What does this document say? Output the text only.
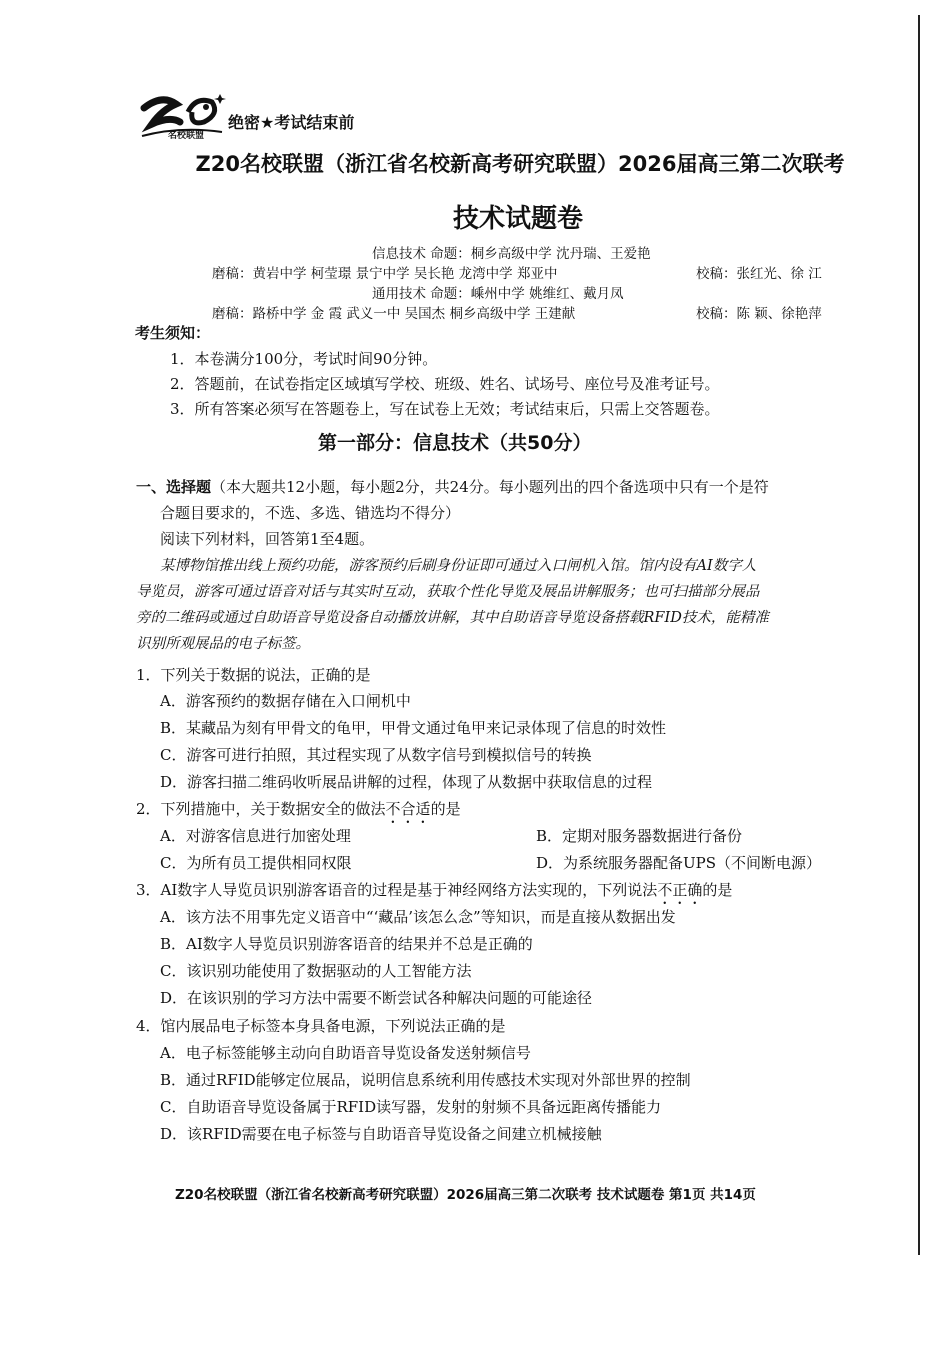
名校联盟
绝密★考试结束前
Z20名校联盟（浙江省名校新高考研究联盟）2026届高三第二次联考
技术试题卷
信息技术 命题：桐乡高级中学 沈丹瑞、王爱艳
磨稿：黄岩中学 柯莹璟 景宁中学 吴长艳 龙湾中学 郑亚中	校稿：张红光、徐 江
通用技术 命题：嵊州中学 姚维红、戴月凤
磨稿：路桥中学 金 霞 武义一中 吴国杰 桐乡高级中学 王建献	校稿：陈 颖、徐艳萍
考生须知：
1．本卷满分100分，考试时间90分钟。
2．答题前，在试卷指定区域填写学校、班级、姓名、试场号、座位号及准考证号。
3．所有答案必须写在答题卷上，写在试卷上无效；考试结束后，只需上交答题卷。
第一部分：信息技术（共50分）
一、选择题（本大题共12小题，每小题2分，共24分。每小题列出的四个备选项中只有一个是符
合题目要求的，不选、多选、错选均不得分）
阅读下列材料，回答第1至4题。
某博物馆推出线上预约功能，游客预约后刷身份证即可通过入口闸机入馆。馆内设有AI数字人
导览员，游客可通过语音对话与其实时互动，获取个性化导览及展品讲解服务；也可扫描部分展品
旁的二维码或通过自助语音导览设备自动播放讲解，其中自助语音导览设备搭载RFID技术，能精准
识别所观展品的电子标签。
1．下列关于数据的说法，正确的是
A．游客预约的数据存储在入口闸机中
B．某藏品为刻有甲骨文的龟甲，甲骨文通过龟甲来记录体现了信息的时效性
C．游客可进行拍照，其过程实现了从数字信号到模拟信号的转换
D．游客扫描二维码收听展品讲解的过程，体现了从数据中获取信息的过程
2．下列措施中，关于数据安全的做法不合适的是
A．对游客信息进行加密处理	B．定期对服务器数据进行备份
C．为所有员工提供相同权限	D．为系统服务器配备UPS（不间断电源）
3．AI数字人导览员识别游客语音的过程是基于神经网络方法实现的，下列说法不正确的是
A．该方法不用事先定义语音中“‘藏品’该怎么念”等知识，而是直接从数据出发
B．AI数字人导览员识别游客语音的结果并不总是正确的
C．该识别功能使用了数据驱动的人工智能方法
D．在该识别的学习方法中需要不断尝试各种解决问题的可能途径
4．馆内展品电子标签本身具备电源，下列说法正确的是
A．电子标签能够主动向自助语音导览设备发送射频信号
B．通过RFID能够定位展品，说明信息系统利用传感技术实现对外部世界的控制
C．自助语音导览设备属于RFID读写器，发射的射频不具备远距离传播能力
D．该RFID需要在电子标签与自助语音导览设备之间建立机械接触
Z20名校联盟（浙江省名校新高考研究联盟）2026届高三第二次联考 技术试题卷 第1页 共14页
